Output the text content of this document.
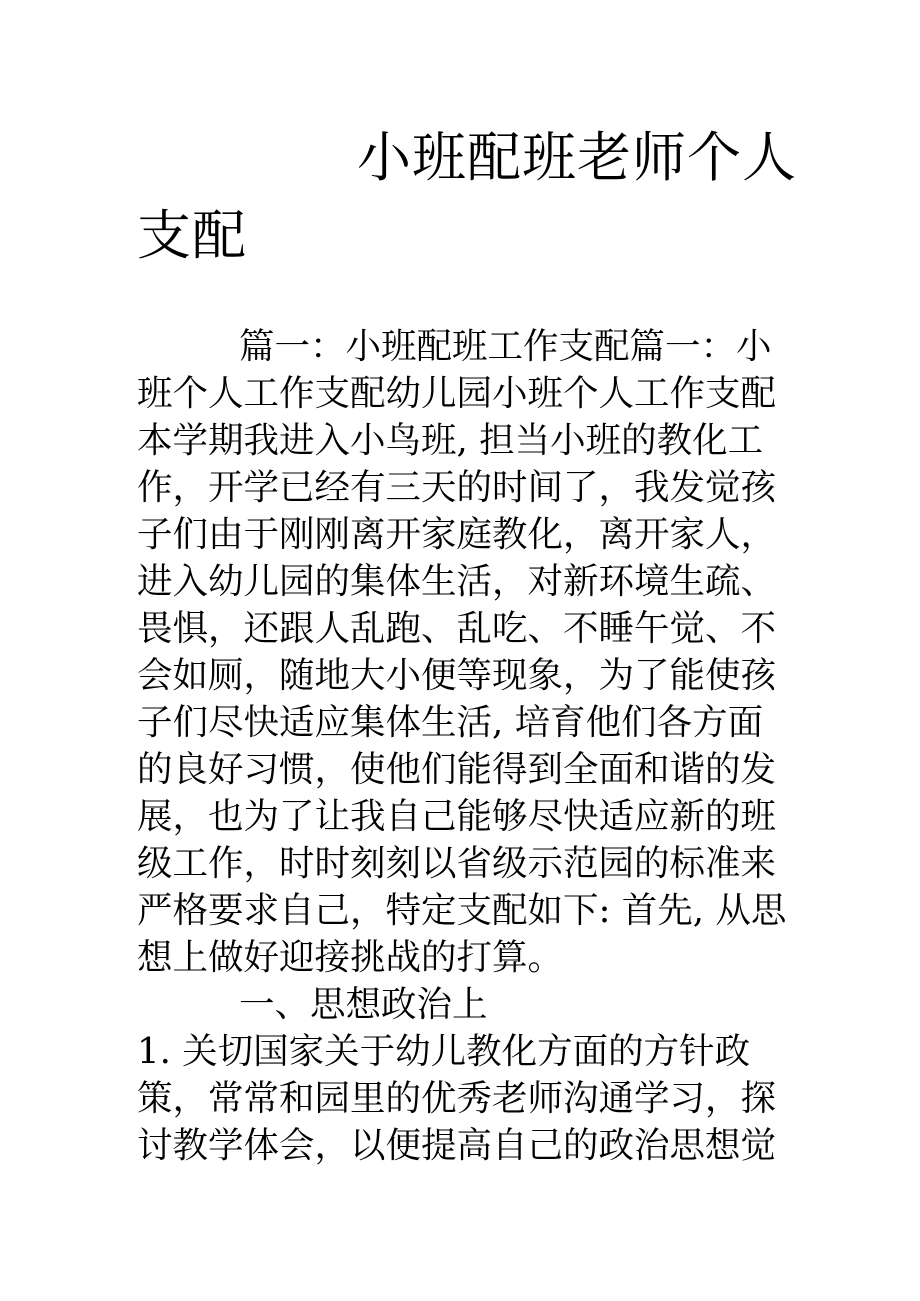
小班配班老师个人
支配
篇一：小班配班工作支配篇一：小
班个人工作支配幼儿园小班个人工作支配
本学期我进入小鸟班, 担当小班的教化工
作，开学已经有三天的时间了，我发觉孩
子们由于刚刚离开家庭教化，离开家人，
进入幼儿园的集体生活，对新环境生疏、
畏惧，还跟人乱跑、乱吃、不睡午觉、不
会如厕，随地大小便等现象，为了能使孩
子们尽快适应集体生活, 培育他们各方面
的良好习惯，使他们能得到全面和谐的发
展，也为了让我自己能够尽快适应新的班
级工作，时时刻刻以省级示范园的标准来
严格要求自己，特定支配如下: 首先, 从思
想上做好迎接挑战的打算。
一、思想政治上
1. 关切国家关于幼儿教化方面的方针政
策，常常和园里的优秀老师沟通学习，探
讨教学体会，以便提高自己的政治思想觉
